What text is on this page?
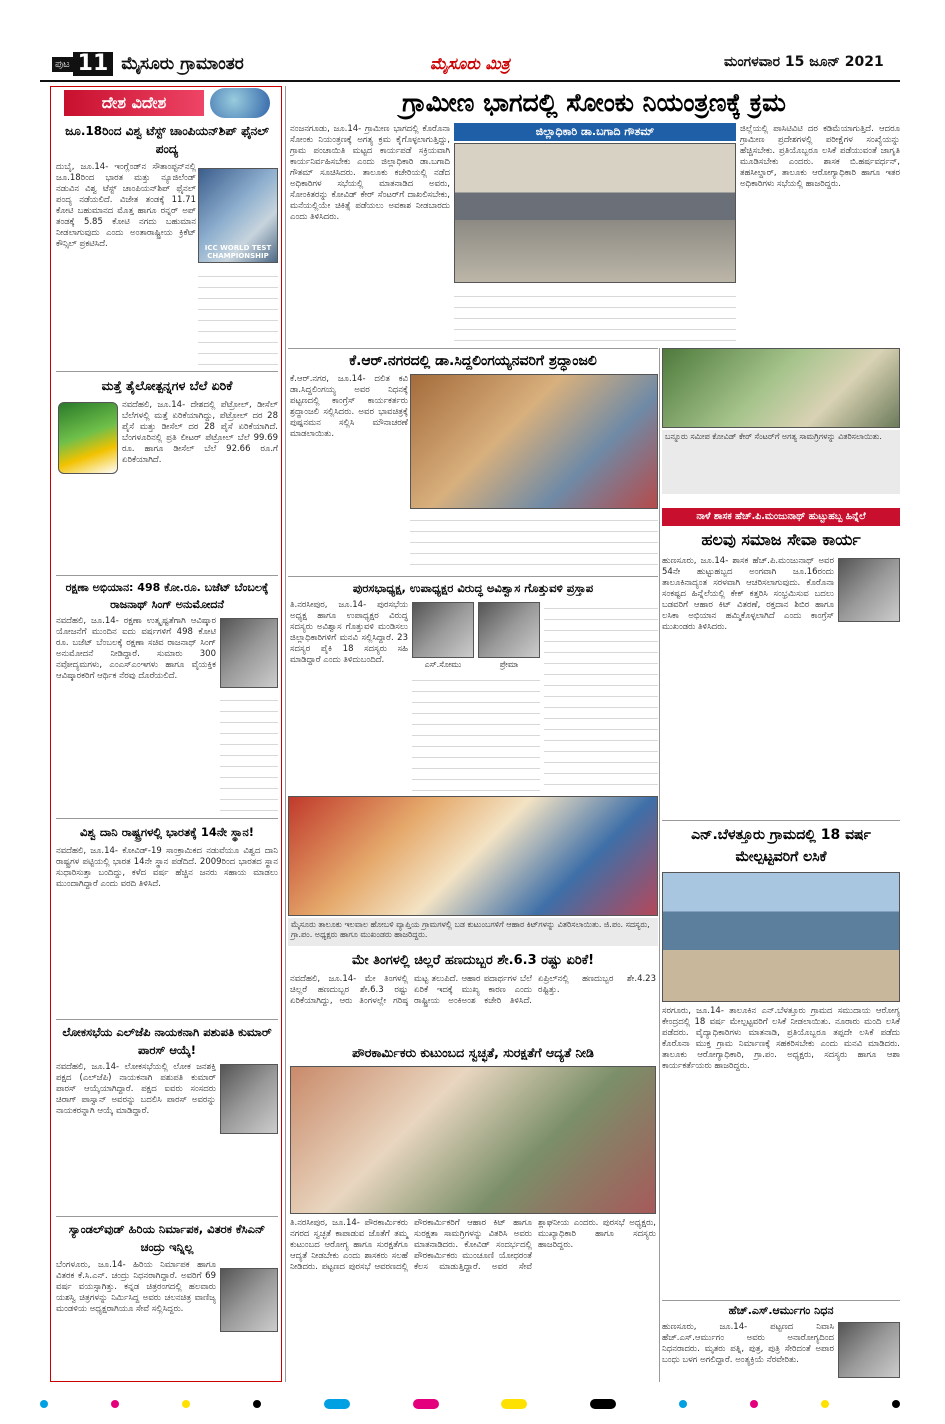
ಪುಟ 11 ಮೈಸೂರು ಗ್ರಾಮಾಂತರ	ಮೈಸೂರು ಮಿತ್ರ	ಮಂಗಳವಾರ 15 ಜೂನ್ 2021
ದೇಶ ವಿದೇಶ
ಜೂ.18ರಿಂದ ವಿಶ್ವ ಟೆಸ್ಟ್ ಚಾಂಪಿಯನ್‌ಶಿಪ್ ಫೈನಲ್ ಪಂದ್ಯ
ದುಬೈ, ಜೂ.14- ಇಂಗ್ಲೆಂಡ್‌ನ ಸೌತಾಂಪ್ಟನ್‌ನಲ್ಲಿ ಜೂ.18ರಿಂದ ಭಾರತ ಮತ್ತು ನ್ಯೂಜಿಲೆಂಡ್ ನಡುವಿನ ವಿಶ್ವ ಟೆಸ್ಟ್ ಚಾಂಪಿಯನ್‌ಶಿಪ್ ಫೈನಲ್ ಪಂದ್ಯ ನಡೆಯಲಿದೆ. ವಿಜೇತ ತಂಡಕ್ಕೆ 11.71 ಕೋಟಿ ಬಹುಮಾನದ ಮೊತ್ತ ಹಾಗೂ ರನ್ನರ್ ಅಪ್ ತಂಡಕ್ಕೆ 5.85 ಕೋಟಿ ನಗದು ಬಹುಮಾನ ನೀಡಲಾಗುವುದು ಎಂದು ಅಂತಾರಾಷ್ಟ್ರೀಯ ಕ್ರಿಕೆಟ್ ಕೌನ್ಸಿಲ್ ಪ್ರಕಟಿಸಿದೆ.	ICC WORLD TEST CHAMPIONSHIP
ಮತ್ತೆ ತೈಲೋತ್ಪನ್ನಗಳ ಬೆಲೆ ಏರಿಕೆ
ನವದೆಹಲಿ, ಜೂ.14- ದೇಶದಲ್ಲಿ ಪೆಟ್ರೋಲ್, ಡೀಸೆಲ್ ಬೆಲೆಗಳಲ್ಲಿ ಮತ್ತೆ ಏರಿಕೆಯಾಗಿದ್ದು, ಪೆಟ್ರೋಲ್ ದರ 28 ಪೈಸೆ ಮತ್ತು ಡೀಸೆಲ್ ದರ 28 ಪೈಸೆ ಏರಿಕೆಯಾಗಿದೆ. ಬೆಂಗಳೂರಿನಲ್ಲಿ ಪ್ರತಿ ಲೀಟರ್ ಪೆಟ್ರೋಲ್ ಬೆಲೆ 99.69 ರೂ. ಹಾಗೂ ಡೀಸೆಲ್ ಬೆಲೆ 92.66 ರೂ.ಗೆ ಏರಿಕೆಯಾಗಿದೆ.
ರಕ್ಷಣಾ ಅಭಿಯಾನ: 498 ಕೋ.ರೂ. ಬಜೆಟ್ ಬೆಂಬಲಕ್ಕೆ ರಾಜನಾಥ್ ಸಿಂಗ್ ಅನುಮೋದನೆ
ನವದೆಹಲಿ, ಜೂ.14- ರಕ್ಷಣಾ ಉತ್ಕೃಷ್ಟತೆಗಾಗಿ ಆವಿಷ್ಕಾರ ಯೋಜನೆಗೆ ಮುಂದಿನ ಐದು ವರ್ಷಗಳಿಗೆ 498 ಕೋಟಿ ರೂ. ಬಜೆಟ್ ಬೆಂಬಲಕ್ಕೆ ರಕ್ಷಣಾ ಸಚಿವ ರಾಜನಾಥ್ ಸಿಂಗ್ ಅನುಮೋದನೆ ನೀಡಿದ್ದಾರೆ. ಸುಮಾರು 300 ನವೋದ್ಯಮಗಳು, ಎಂಎಸ್‌ಎಂಇಗಳು ಹಾಗೂ ವೈಯಕ್ತಿಕ ಆವಿಷ್ಕಾರಕರಿಗೆ ಆರ್ಥಿಕ ನೆರವು ದೊರೆಯಲಿದೆ.
ವಿಶ್ವ ದಾನಿ ರಾಷ್ಟ್ರಗಳಲ್ಲಿ ಭಾರತಕ್ಕೆ 14ನೇ ಸ್ಥಾನ!
ನವದೆಹಲಿ, ಜೂ.14- ಕೋವಿಡ್-19 ಸಾಂಕ್ರಾಮಿಕದ ನಡುವೆಯೂ ವಿಶ್ವದ ದಾನಿ ರಾಷ್ಟ್ರಗಳ ಪಟ್ಟಿಯಲ್ಲಿ ಭಾರತ 14ನೇ ಸ್ಥಾನ ಪಡೆದಿದೆ. 2009ರಿಂದ ಭಾರತದ ಸ್ಥಾನ ಸುಧಾರಿಸುತ್ತಾ ಬಂದಿದ್ದು, ಕಳೆದ ವರ್ಷ ಹೆಚ್ಚಿನ ಜನರು ಸಹಾಯ ಮಾಡಲು ಮುಂದಾಗಿದ್ದಾರೆ ಎಂದು ವರದಿ ತಿಳಿಸಿದೆ.
ಲೋಕಸಭೆಯ ಎಲ್‌ಜೆಪಿ ನಾಯಕನಾಗಿ ಪಶುಪತಿ ಕುಮಾರ್ ಪಾರಸ್ ಆಯ್ಕೆ!
ನವದೆಹಲಿ, ಜೂ.14- ಲೋಕಸಭೆಯಲ್ಲಿ ಲೋಕ ಜನಶಕ್ತಿ ಪಕ್ಷದ (ಎಲ್‌ಜೆಪಿ) ನಾಯಕನಾಗಿ ಪಶುಪತಿ ಕುಮಾರ್ ಪಾರಸ್ ಆಯ್ಕೆಯಾಗಿದ್ದಾರೆ. ಪಕ್ಷದ ಐವರು ಸಂಸದರು ಚಿರಾಗ್ ಪಾಸ್ವಾನ್ ಅವರನ್ನು ಬದಲಿಸಿ ಪಾರಸ್ ಅವರನ್ನು ನಾಯಕರನ್ನಾಗಿ ಆಯ್ಕೆ ಮಾಡಿದ್ದಾರೆ.
ಸ್ಯಾಂಡಲ್‌ವುಡ್ ಹಿರಿಯ ನಿರ್ಮಾಪಕ, ವಿತರಕ ಕೆಸಿಎನ್ ಚಂದ್ರು ಇನ್ನಿಲ್ಲ
ಬೆಂಗಳೂರು, ಜೂ.14- ಹಿರಿಯ ನಿರ್ಮಾಪಕ ಹಾಗೂ ವಿತರಕ ಕೆ.ಸಿ.ಎನ್. ಚಂದ್ರು ನಿಧನರಾಗಿದ್ದಾರೆ. ಅವರಿಗೆ 69 ವರ್ಷ ವಯಸ್ಸಾಗಿತ್ತು. ಕನ್ನಡ ಚಿತ್ರರಂಗದಲ್ಲಿ ಹಲವಾರು ಯಶಸ್ವಿ ಚಿತ್ರಗಳನ್ನು ನಿರ್ಮಿಸಿದ್ದ ಅವರು ಚಲನಚಿತ್ರ ವಾಣಿಜ್ಯ ಮಂಡಳಿಯ ಅಧ್ಯಕ್ಷರಾಗಿಯೂ ಸೇವೆ ಸಲ್ಲಿಸಿದ್ದರು.
ಗ್ರಾಮೀಣ ಭಾಗದಲ್ಲಿ ಸೋಂಕು ನಿಯಂತ್ರಣಕ್ಕೆ ಕ್ರಮ
ನಂಜನಗೂಡು, ಜೂ.14- ಗ್ರಾಮೀಣ ಭಾಗದಲ್ಲಿ ಕೊರೊನಾ ಸೋಂಕು ನಿಯಂತ್ರಣಕ್ಕೆ ಅಗತ್ಯ ಕ್ರಮ ಕೈಗೊಳ್ಳಲಾಗುತ್ತಿದ್ದು, ಗ್ರಾಮ ಪಂಚಾಯಿತಿ ಮಟ್ಟದ ಕಾರ್ಯಪಡೆ ಸಕ್ರಿಯವಾಗಿ ಕಾರ್ಯನಿರ್ವಹಿಸಬೇಕು ಎಂದು ಜಿಲ್ಲಾಧಿಕಾರಿ ಡಾ.ಬಗಾದಿ ಗೌತಮ್ ಸೂಚಿಸಿದರು. ತಾಲೂಕು ಕಚೇರಿಯಲ್ಲಿ ನಡೆದ ಅಧಿಕಾರಿಗಳ ಸಭೆಯಲ್ಲಿ ಮಾತನಾಡಿದ ಅವರು, ಸೋಂಕಿತರನ್ನು ಕೋವಿಡ್ ಕೇರ್ ಸೆಂಟರ್‌ಗೆ ದಾಖಲಿಸಬೇಕು, ಮನೆಯಲ್ಲಿಯೇ ಚಿಕಿತ್ಸೆ ಪಡೆಯಲು ಅವಕಾಶ ನೀಡಬಾರದು ಎಂದು ತಿಳಿಸಿದರು.
ಜಿಲ್ಲಾಧಿಕಾರಿ ಡಾ.ಬಗಾದಿ ಗೌತಮ್	ಜಿಲ್ಲೆಯಲ್ಲಿ ಪಾಸಿಟಿವಿಟಿ ದರ ಕಡಿಮೆಯಾಗುತ್ತಿದೆ. ಆದರೂ ಗ್ರಾಮೀಣ ಪ್ರದೇಶಗಳಲ್ಲಿ ಪರೀಕ್ಷೆಗಳ ಸಂಖ್ಯೆಯನ್ನು ಹೆಚ್ಚಿಸಬೇಕು. ಪ್ರತಿಯೊಬ್ಬರೂ ಲಸಿಕೆ ಪಡೆಯುವಂತೆ ಜಾಗೃತಿ ಮೂಡಿಸಬೇಕು ಎಂದರು. ಶಾಸಕ ಬಿ.ಹರ್ಷವರ್ಧನ್, ತಹಸೀಲ್ದಾರ್, ತಾಲೂಕು ಆರೋಗ್ಯಾಧಿಕಾರಿ ಹಾಗೂ ಇತರ ಅಧಿಕಾರಿಗಳು ಸಭೆಯಲ್ಲಿ ಹಾಜರಿದ್ದರು.
ಕೆ.ಆರ್.ನಗರದಲ್ಲಿ ಡಾ.ಸಿದ್ದಲಿಂಗಯ್ಯನವರಿಗೆ ಶ್ರದ್ಧಾಂಜಲಿ
ಕೆ.ಆರ್.ನಗರ, ಜೂ.14- ದಲಿತ ಕವಿ ಡಾ.ಸಿದ್ದಲಿಂಗಯ್ಯ ಅವರ ನಿಧನಕ್ಕೆ ಪಟ್ಟಣದಲ್ಲಿ ಕಾಂಗ್ರೆಸ್ ಕಾರ್ಯಕರ್ತರು ಶ್ರದ್ಧಾಂಜಲಿ ಸಲ್ಲಿಸಿದರು. ಅವರ ಭಾವಚಿತ್ರಕ್ಕೆ ಪುಷ್ಪನಮನ ಸಲ್ಲಿಸಿ ಮೌನಾಚರಣೆ ಮಾಡಲಾಯಿತು.	ಬನ್ನೂರು ಸಮೀಪ ಕೋವಿಡ್ ಕೇರ್ ಸೆಂಟರ್‌ಗೆ ಅಗತ್ಯ ಸಾಮಗ್ರಿಗಳನ್ನು ವಿತರಿಸಲಾಯಿತು.
ನಾಳೆ ಶಾಸಕ ಹೆಚ್.ಪಿ.ಮಂಜುನಾಥ್ ಹುಟ್ಟುಹಬ್ಬ ಹಿನ್ನೆಲೆ
ಹಲವು ಸಮಾಜ ಸೇವಾ ಕಾರ್ಯ
ಹುಣಸೂರು, ಜೂ.14- ಶಾಸಕ ಹೆಚ್.ಪಿ.ಮಂಜುನಾಥ್ ಅವರ 54ನೇ ಹುಟ್ಟುಹಬ್ಬದ ಅಂಗವಾಗಿ ಜೂ.16ರಂದು ತಾಲೂಕಿನಾದ್ಯಂತ ಸರಳವಾಗಿ ಆಚರಿಸಲಾಗುವುದು. ಕೊರೊನಾ ಸಂಕಷ್ಟದ ಹಿನ್ನೆಲೆಯಲ್ಲಿ ಕೇಕ್ ಕತ್ತರಿಸಿ ಸಂಭ್ರಮಿಸುವ ಬದಲು ಬಡವರಿಗೆ ಆಹಾರ ಕಿಟ್ ವಿತರಣೆ, ರಕ್ತದಾನ ಶಿಬಿರ ಹಾಗೂ ಲಸಿಕಾ ಅಭಿಯಾನ ಹಮ್ಮಿಕೊಳ್ಳಲಾಗಿದೆ ಎಂದು ಕಾಂಗ್ರೆಸ್ ಮುಖಂಡರು ತಿಳಿಸಿದರು.
ಪುರಸಭಾಧ್ಯಕ್ಷ, ಉಪಾಧ್ಯಕ್ಷರ ವಿರುದ್ಧ ಅವಿಶ್ವಾಸ ಗೊತ್ತುವಳಿ ಪ್ರಸ್ತಾಪ
ತಿ.ನರಸೀಪುರ, ಜೂ.14- ಪುರಸಭೆಯ ಅಧ್ಯಕ್ಷ ಹಾಗೂ ಉಪಾಧ್ಯಕ್ಷರ ವಿರುದ್ಧ ಸದಸ್ಯರು ಅವಿಶ್ವಾಸ ಗೊತ್ತುವಳಿ ಮಂಡಿಸಲು ಜಿಲ್ಲಾಧಿಕಾರಿಗಳಿಗೆ ಮನವಿ ಸಲ್ಲಿಸಿದ್ದಾರೆ. 23 ಸದಸ್ಯರ ಪೈಕಿ 18 ಸದಸ್ಯರು ಸಹಿ ಮಾಡಿದ್ದಾರೆ ಎಂದು ತಿಳಿದುಬಂದಿದೆ.	ಎಸ್.ಸೋಮು	ಪ್ರೇಮಾ
ಮೈಸೂರು ತಾಲೂಕು ಇಲವಾಲ ಹೋಬಳಿ ವ್ಯಾಪ್ತಿಯ ಗ್ರಾಮಗಳಲ್ಲಿ ಬಡ ಕುಟುಂಬಗಳಿಗೆ ಆಹಾರ ಕಿಟ್‌ಗಳನ್ನು ವಿತರಿಸಲಾಯಿತು. ಜಿ.ಪಂ. ಸದಸ್ಯರು, ಗ್ರಾ.ಪಂ. ಅಧ್ಯಕ್ಷರು ಹಾಗೂ ಮುಖಂಡರು ಹಾಜರಿದ್ದರು.
ಎನ್.ಬೆಳತ್ತೂರು ಗ್ರಾಮದಲ್ಲಿ 18 ವರ್ಷ ಮೇಲ್ಪಟ್ಟವರಿಗೆ ಲಸಿಕೆ
ಸರಗೂರು, ಜೂ.14- ತಾಲೂಕಿನ ಎನ್.ಬೆಳತ್ತೂರು ಗ್ರಾಮದ ಸಮುದಾಯ ಆರೋಗ್ಯ ಕೇಂದ್ರದಲ್ಲಿ 18 ವರ್ಷ ಮೇಲ್ಪಟ್ಟವರಿಗೆ ಲಸಿಕೆ ನೀಡಲಾಯಿತು. ನೂರಾರು ಮಂದಿ ಲಸಿಕೆ ಪಡೆದರು. ವೈದ್ಯಾಧಿಕಾರಿಗಳು ಮಾತನಾಡಿ, ಪ್ರತಿಯೊಬ್ಬರೂ ತಪ್ಪದೇ ಲಸಿಕೆ ಪಡೆದು ಕೊರೊನಾ ಮುಕ್ತ ಗ್ರಾಮ ನಿರ್ಮಾಣಕ್ಕೆ ಸಹಕರಿಸಬೇಕು ಎಂದು ಮನವಿ ಮಾಡಿದರು. ತಾಲೂಕು ಆರೋಗ್ಯಾಧಿಕಾರಿ, ಗ್ರಾ.ಪಂ. ಅಧ್ಯಕ್ಷರು, ಸದಸ್ಯರು ಹಾಗೂ ಆಶಾ ಕಾರ್ಯಕರ್ತೆಯರು ಹಾಜರಿದ್ದರು.
ಮೇ ತಿಂಗಳಲ್ಲಿ ಚಿಲ್ಲರೆ ಹಣದುಬ್ಬರ ಶೇ.6.3 ರಷ್ಟು ಏರಿಕೆ!
ನವದೆಹಲಿ, ಜೂ.14- ಮೇ ತಿಂಗಳಲ್ಲಿ ಚಿಲ್ಲರೆ ಹಣದುಬ್ಬರ ಶೇ.6.3 ರಷ್ಟು ಏರಿಕೆಯಾಗಿದ್ದು, ಆರು ತಿಂಗಳಲ್ಲೇ ಗರಿಷ್ಠ ಮಟ್ಟ ತಲುಪಿದೆ. ಆಹಾರ ಪದಾರ್ಥಗಳ ಬೆಲೆ ಏರಿಕೆ ಇದಕ್ಕೆ ಮುಖ್ಯ ಕಾರಣ ಎಂದು ರಾಷ್ಟ್ರೀಯ ಅಂಕಿಅಂಶ ಕಚೇರಿ ತಿಳಿಸಿದೆ. ಏಪ್ರಿಲ್‌ನಲ್ಲಿ ಹಣದುಬ್ಬರ ಶೇ.4.23 ರಷ್ಟಿತ್ತು.
ಪೌರಕಾರ್ಮಿಕರು ಕುಟುಂಬದ ಸ್ವಚ್ಛತೆ, ಸುರಕ್ಷತೆಗೆ ಆದ್ಯತೆ ನೀಡಿ
ತಿ.ನರಸೀಪುರ, ಜೂ.14- ಪೌರಕಾರ್ಮಿಕರು ನಗರದ ಸ್ವಚ್ಛತೆ ಕಾಪಾಡುವ ಜೊತೆಗೆ ತಮ್ಮ ಕುಟುಂಬದ ಆರೋಗ್ಯ ಹಾಗೂ ಸುರಕ್ಷತೆಗೂ ಆದ್ಯತೆ ನೀಡಬೇಕು ಎಂದು ಶಾಸಕರು ಸಲಹೆ ನೀಡಿದರು. ಪಟ್ಟಣದ ಪುರಸಭೆ ಆವರಣದಲ್ಲಿ ಪೌರಕಾರ್ಮಿಕರಿಗೆ ಆಹಾರ ಕಿಟ್ ಹಾಗೂ ಸುರಕ್ಷತಾ ಸಾಮಗ್ರಿಗಳನ್ನು ವಿತರಿಸಿ ಅವರು ಮಾತನಾಡಿದರು. ಕೋವಿಡ್ ಸಂದರ್ಭದಲ್ಲಿ ಪೌರಕಾರ್ಮಿಕರು ಮುಂಚೂಣಿ ಯೋಧರಂತೆ ಕೆಲಸ ಮಾಡುತ್ತಿದ್ದಾರೆ. ಅವರ ಸೇವೆ ಶ್ಲಾಘನೀಯ ಎಂದರು. ಪುರಸಭೆ ಅಧ್ಯಕ್ಷರು, ಮುಖ್ಯಾಧಿಕಾರಿ ಹಾಗೂ ಸದಸ್ಯರು ಹಾಜರಿದ್ದರು.
ಹೆಚ್.ಎಸ್.ಆರ್ಮುಗಂ ನಿಧನ
ಹುಣಸೂರು, ಜೂ.14- ಪಟ್ಟಣದ ನಿವಾಸಿ ಹೆಚ್.ಎಸ್.ಆರ್ಮುಗಂ ಅವರು ಅನಾರೋಗ್ಯದಿಂದ ನಿಧನರಾದರು. ಮೃತರು ಪತ್ನಿ, ಪುತ್ರ, ಪುತ್ರಿ ಸೇರಿದಂತೆ ಅಪಾರ ಬಂಧು ಬಳಗ ಅಗಲಿದ್ದಾರೆ. ಅಂತ್ಯಕ್ರಿಯೆ ನೆರವೇರಿತು.
